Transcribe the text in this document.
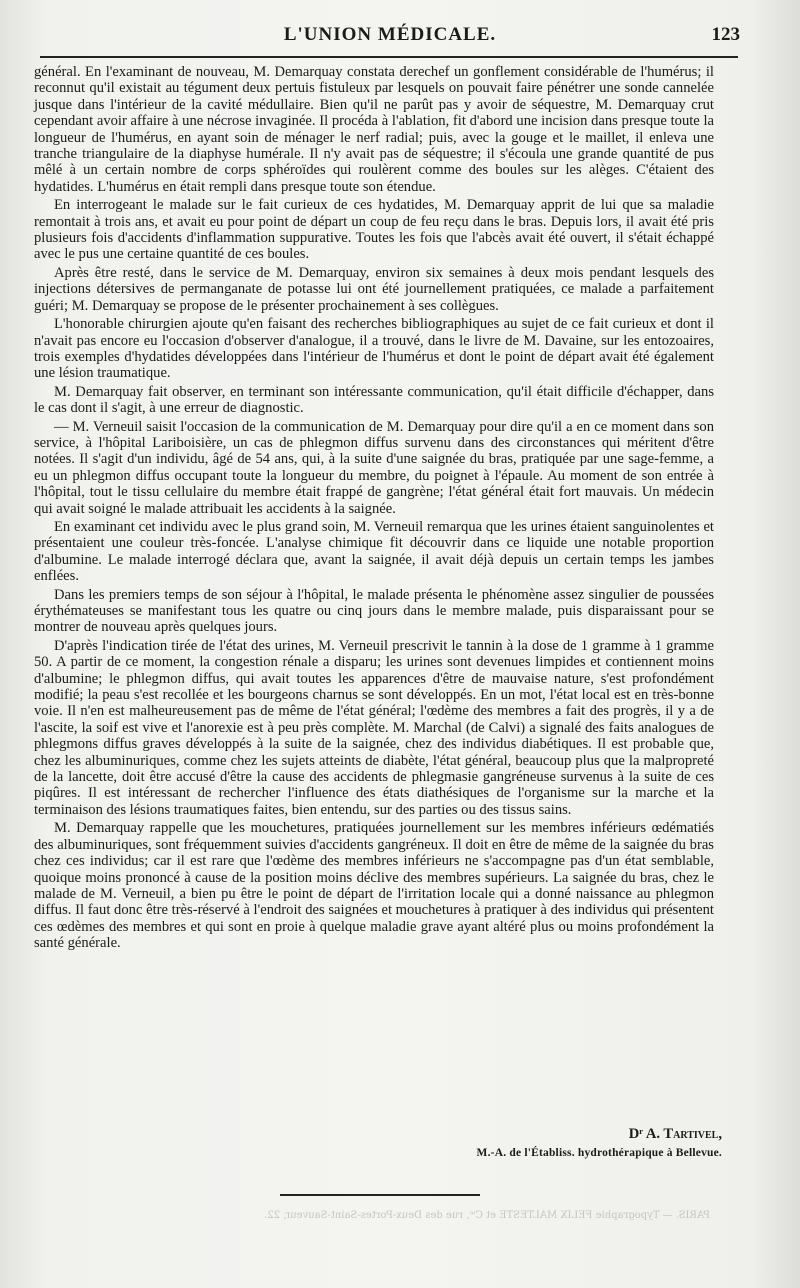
L'UNION MÉDICALE.	123

général. En l'examinant de nouveau, M. Demarquay constata derechef un gonflement considérable de l'humérus; il reconnut qu'il existait au tégument deux pertuis fistuleux par lesquels on pouvait faire pénétrer une sonde cannelée jusque dans l'intérieur de la cavité médullaire. Bien qu'il ne parût pas y avoir de séquestre, M. Demarquay crut cependant avoir affaire à une nécrose invaginée. Il procéda à l'ablation, fit d'abord une incision dans presque toute la longueur de l'humérus, en ayant soin de ménager le nerf radial; puis, avec la gouge et le maillet, il enleva une tranche triangulaire de la diaphyse humérale. Il n'y avait pas de séquestre; il s'écoula une grande quantité de pus mêlé à un certain nombre de corps sphéroïdes qui roulèrent comme des boules sur les alèges. C'étaient des hydatides. L'humérus en était rempli dans presque toute son étendue.

En interrogeant le malade sur le fait curieux de ces hydatides, M. Demarquay apprit de lui que sa maladie remontait à trois ans, et avait eu pour point de départ un coup de feu reçu dans le bras. Depuis lors, il avait été pris plusieurs fois d'accidents d'inflammation suppurative. Toutes les fois que l'abcès avait été ouvert, il s'était échappé avec le pus une certaine quantité de ces boules.

Après être resté, dans le service de M. Demarquay, environ six semaines à deux mois pendant lesquels des injections détersives de permanganate de potasse lui ont été journellement pratiquées, ce malade a parfaitement guéri; M. Demarquay se propose de le présenter prochainement à ses collègues.

L'honorable chirurgien ajoute qu'en faisant des recherches bibliographiques au sujet de ce fait curieux et dont il n'avait pas encore eu l'occasion d'observer d'analogue, il a trouvé, dans le livre de M. Davaine, sur les entozoaires, trois exemples d'hydatides développées dans l'intérieur de l'humérus et dont le point de départ avait été également une lésion traumatique.

M. Demarquay fait observer, en terminant son intéressante communication, qu'il était difficile d'échapper, dans le cas dont il s'agit, à une erreur de diagnostic.

— M. Verneuil saisit l'occasion de la communication de M. Demarquay pour dire qu'il a en ce moment dans son service, à l'hôpital Lariboisière, un cas de phlegmon diffus survenu dans des circonstances qui méritent d'être notées. Il s'agit d'un individu, âgé de 54 ans, qui, à la suite d'une saignée du bras, pratiquée par une sage-femme, a eu un phlegmon diffus occupant toute la longueur du membre, du poignet à l'épaule. Au moment de son entrée à l'hôpital, tout le tissu cellulaire du membre était frappé de gangrène; l'état général était fort mauvais. Un médecin qui avait soigné le malade attribuait les accidents à la saignée.

En examinant cet individu avec le plus grand soin, M. Verneuil remarqua que les urines étaient sanguinolentes et présentaient une couleur très-foncée. L'analyse chimique fit découvrir dans ce liquide une notable proportion d'albumine. Le malade interrogé déclara que, avant la saignée, il avait déjà depuis un certain temps les jambes enflées.

Dans les premiers temps de son séjour à l'hôpital, le malade présenta le phénomène assez singulier de poussées érythémateuses se manifestant tous les quatre ou cinq jours dans le membre malade, puis disparaissant pour se montrer de nouveau après quelques jours.

D'après l'indication tirée de l'état des urines, M. Verneuil prescrivit le tannin à la dose de 1 gramme à 1 gramme 50. A partir de ce moment, la congestion rénale a disparu; les urines sont devenues limpides et contiennent moins d'albumine; le phlegmon diffus, qui avait toutes les apparences d'être de mauvaise nature, s'est profondément modifié; la peau s'est recollée et les bourgeons charnus se sont développés. En un mot, l'état local est en très-bonne voie. Il n'en est malheureusement pas de même de l'état général; l'œdème des membres a fait des progrès, il y a de l'ascite, la soif est vive et l'anorexie est à peu près complète. M. Marchal (de Calvi) a signalé des faits analogues de phlegmons diffus graves développés à la suite de la saignée, chez des individus diabétiques. Il est probable que, chez les albuminuriques, comme chez les sujets atteints de diabète, l'état général, beaucoup plus que la malpropreté de la lancette, doit être accusé d'être la cause des accidents de phlegmasie gangréneuse survenus à la suite de ces piqûres. Il est intéressant de rechercher l'influence des états diathésiques de l'organisme sur la marche et la terminaison des lésions traumatiques faites, bien entendu, sur des parties ou des tissus sains.

M. Demarquay rappelle que les mouchetures, pratiquées journellement sur les membres inférieurs œdématiés des albuminuriques, sont fréquemment suivies d'accidents gangréneux. Il doit en être de même de la saignée du bras chez ces individus; car il est rare que l'œdème des membres inférieurs ne s'accompagne pas d'un état semblable, quoique moins prononcé à cause de la position moins déclive des membres supérieurs. La saignée du bras, chez le malade de M. Verneuil, a bien pu être le point de départ de l'irritation locale qui a donné naissance au phlegmon diffus. Il faut donc être très-réservé à l'endroit des saignées et mouchetures à pratiquer à des individus qui présentent ces œdèmes des membres et qui sont en proie à quelque maladie grave ayant altéré plus ou moins profondément la santé générale.

Dʳ A. Tartivel,
M.-A. de l'Établiss. hydrothérapique à Bellevue.
PARIS. — Typographie FÉLIX MALTESTE et Cⁱᵉ, rue des Deux-Portes-Saint-Sauveur, 22.
